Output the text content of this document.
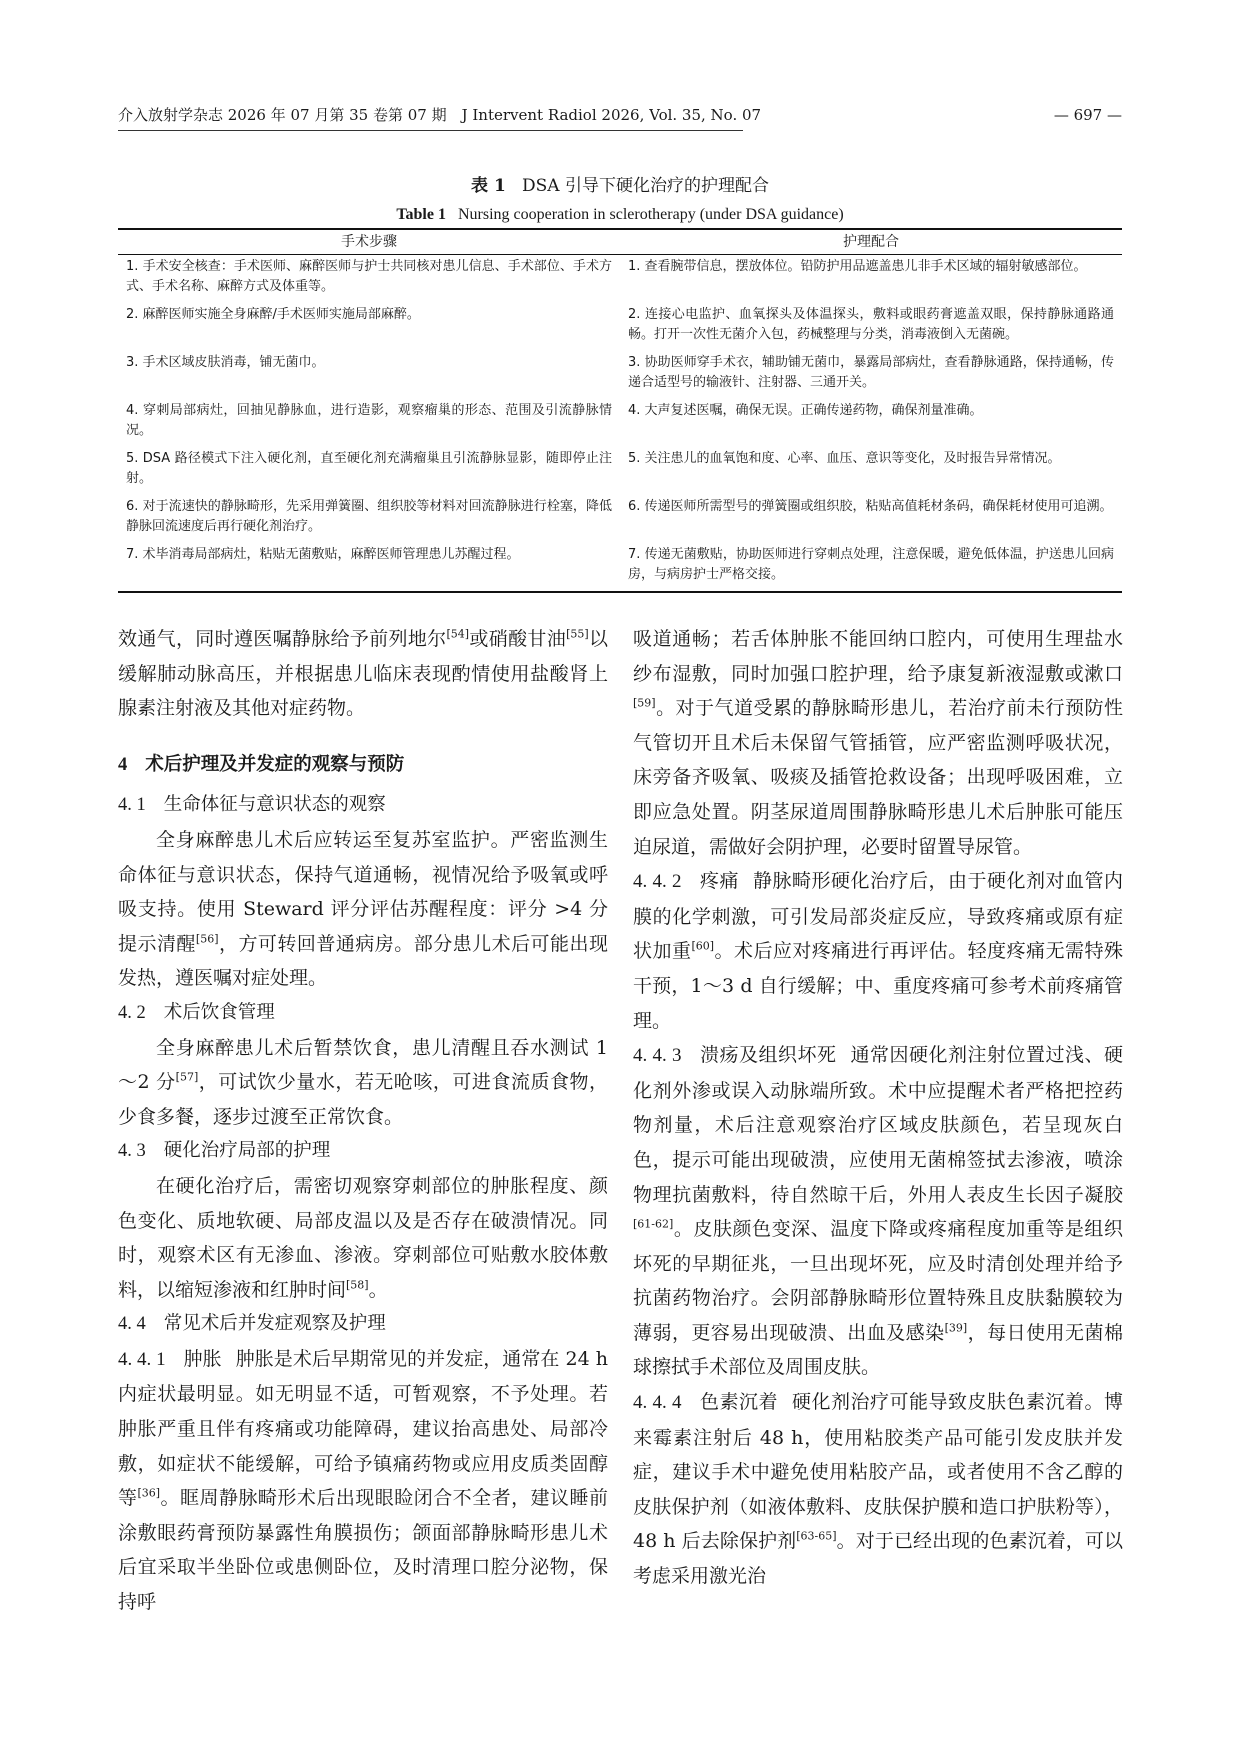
介入放射学杂志 2026 年 07 月第 35 卷第 07 期　J Intervent Radiol 2026, Vol. 35, No. 07	— 697 —
表 1 DSA 引导下硬化治疗的护理配合
Table 1 Nursing cooperation in sclerotherapy (under DSA guidance)
手术步骤	护理配合
1. 手术安全核查：手术医师、麻醉医师与护士共同核对患儿信息、手术部位、手术方式、手术名称、麻醉方式及体重等。	1. 查看腕带信息，摆放体位。铅防护用品遮盖患儿非手术区域的辐射敏感部位。
2. 麻醉医师实施全身麻醉/手术医师实施局部麻醉。	2. 连接心电监护、血氧探头及体温探头，敷料或眼药膏遮盖双眼，保持静脉通路通畅。打开一次性无菌介入包，药械整理与分类，消毒液倒入无菌碗。
3. 手术区域皮肤消毒，铺无菌巾。	3. 协助医师穿手术衣，辅助铺无菌巾，暴露局部病灶，查看静脉通路，保持通畅，传递合适型号的输液针、注射器、三通开关。
4. 穿刺局部病灶，回抽见静脉血，进行造影，观察瘤巢的形态、范围及引流静脉情况。	4. 大声复述医嘱，确保无误。正确传递药物，确保剂量准确。
5. DSA 路径模式下注入硬化剂，直至硬化剂充满瘤巢且引流静脉显影，随即停止注射。	5. 关注患儿的血氧饱和度、心率、血压、意识等变化，及时报告异常情况。
6. 对于流速快的静脉畸形，先采用弹簧圈、组织胶等材料对回流静脉进行栓塞，降低静脉回流速度后再行硬化剂治疗。	6. 传递医师所需型号的弹簧圈或组织胶，粘贴高值耗材条码，确保耗材使用可追溯。
7. 术毕消毒局部病灶，粘贴无菌敷贴，麻醉医师管理患儿苏醒过程。	7. 传递无菌敷贴，协助医师进行穿刺点处理，注意保暖，避免低体温，护送患儿回病房，与病房护士严格交接。

效通气，同时遵医嘱静脉给予前列地尔[54]或硝酸甘油[55]以缓解肺动脉高压，并根据患儿临床表现酌情使用盐酸肾上腺素注射液及其他对症药物。

4 术后护理及并发症的观察与预防

4. 1 生命体征与意识状态的观察

全身麻醉患儿术后应转运至复苏室监护。严密监测生命体征与意识状态，保持气道通畅，视情况给予吸氧或呼吸支持。使用 Steward 评分评估苏醒程度：评分 >4 分提示清醒[56]，方可转回普通病房。部分患儿术后可能出现发热，遵医嘱对症处理。

4. 2 术后饮食管理

全身麻醉患儿术后暂禁饮食，患儿清醒且吞水测试 1～2 分[57]，可试饮少量水，若无呛咳，可进食流质食物，少食多餐，逐步过渡至正常饮食。

4. 3 硬化治疗局部的护理

在硬化治疗后，需密切观察穿刺部位的肿胀程度、颜色变化、质地软硬、局部皮温以及是否存在破溃情况。同时，观察术区有无渗血、渗液。穿刺部位可贴敷水胶体敷料，以缩短渗液和红肿时间[58]。

4. 4 常见术后并发症观察及护理

4. 4. 1 肿胀 肿胀是术后早期常见的并发症，通常在 24 h 内症状最明显。如无明显不适，可暂观察，不予处理。若肿胀严重且伴有疼痛或功能障碍，建议抬高患处、局部冷敷，如症状不能缓解，可给予镇痛药物或应用皮质类固醇等[36]。眶周静脉畸形术后出现眼睑闭合不全者，建议睡前涂敷眼药膏预防暴露性角膜损伤；颌面部静脉畸形患儿术后宜采取半坐卧位或患侧卧位，及时清理口腔分泌物，保持呼

吸道通畅；若舌体肿胀不能回纳口腔内，可使用生理盐水纱布湿敷，同时加强口腔护理，给予康复新液湿敷或漱口[59]。对于气道受累的静脉畸形患儿，若治疗前未行预防性气管切开且术后未保留气管插管，应严密监测呼吸状况，床旁备齐吸氧、吸痰及插管抢救设备；出现呼吸困难，立即应急处置。阴茎尿道周围静脉畸形患儿术后肿胀可能压迫尿道，需做好会阴护理，必要时留置导尿管。

4. 4. 2 疼痛 静脉畸形硬化治疗后，由于硬化剂对血管内膜的化学刺激，可引发局部炎症反应，导致疼痛或原有症状加重[60]。术后应对疼痛进行再评估。轻度疼痛无需特殊干预，1～3 d 自行缓解；中、重度疼痛可参考术前疼痛管理。

4. 4. 3 溃疡及组织坏死 通常因硬化剂注射位置过浅、硬化剂外渗或误入动脉端所致。术中应提醒术者严格把控药物剂量，术后注意观察治疗区域皮肤颜色，若呈现灰白色，提示可能出现破溃，应使用无菌棉签拭去渗液，喷涂物理抗菌敷料，待自然晾干后，外用人表皮生长因子凝胶[61-62]。皮肤颜色变深、温度下降或疼痛程度加重等是组织坏死的早期征兆，一旦出现坏死，应及时清创处理并给予抗菌药物治疗。会阴部静脉畸形位置特殊且皮肤黏膜较为薄弱，更容易出现破溃、出血及感染[39]，每日使用无菌棉球擦拭手术部位及周围皮肤。

4. 4. 4 色素沉着 硬化剂治疗可能导致皮肤色素沉着。博来霉素注射后 48 h，使用粘胶类产品可能引发皮肤并发症，建议手术中避免使用粘胶产品，或者使用不含乙醇的皮肤保护剂（如液体敷料、皮肤保护膜和造口护肤粉等），48 h 后去除保护剂[63-65]。对于已经出现的色素沉着，可以考虑采用激光治
